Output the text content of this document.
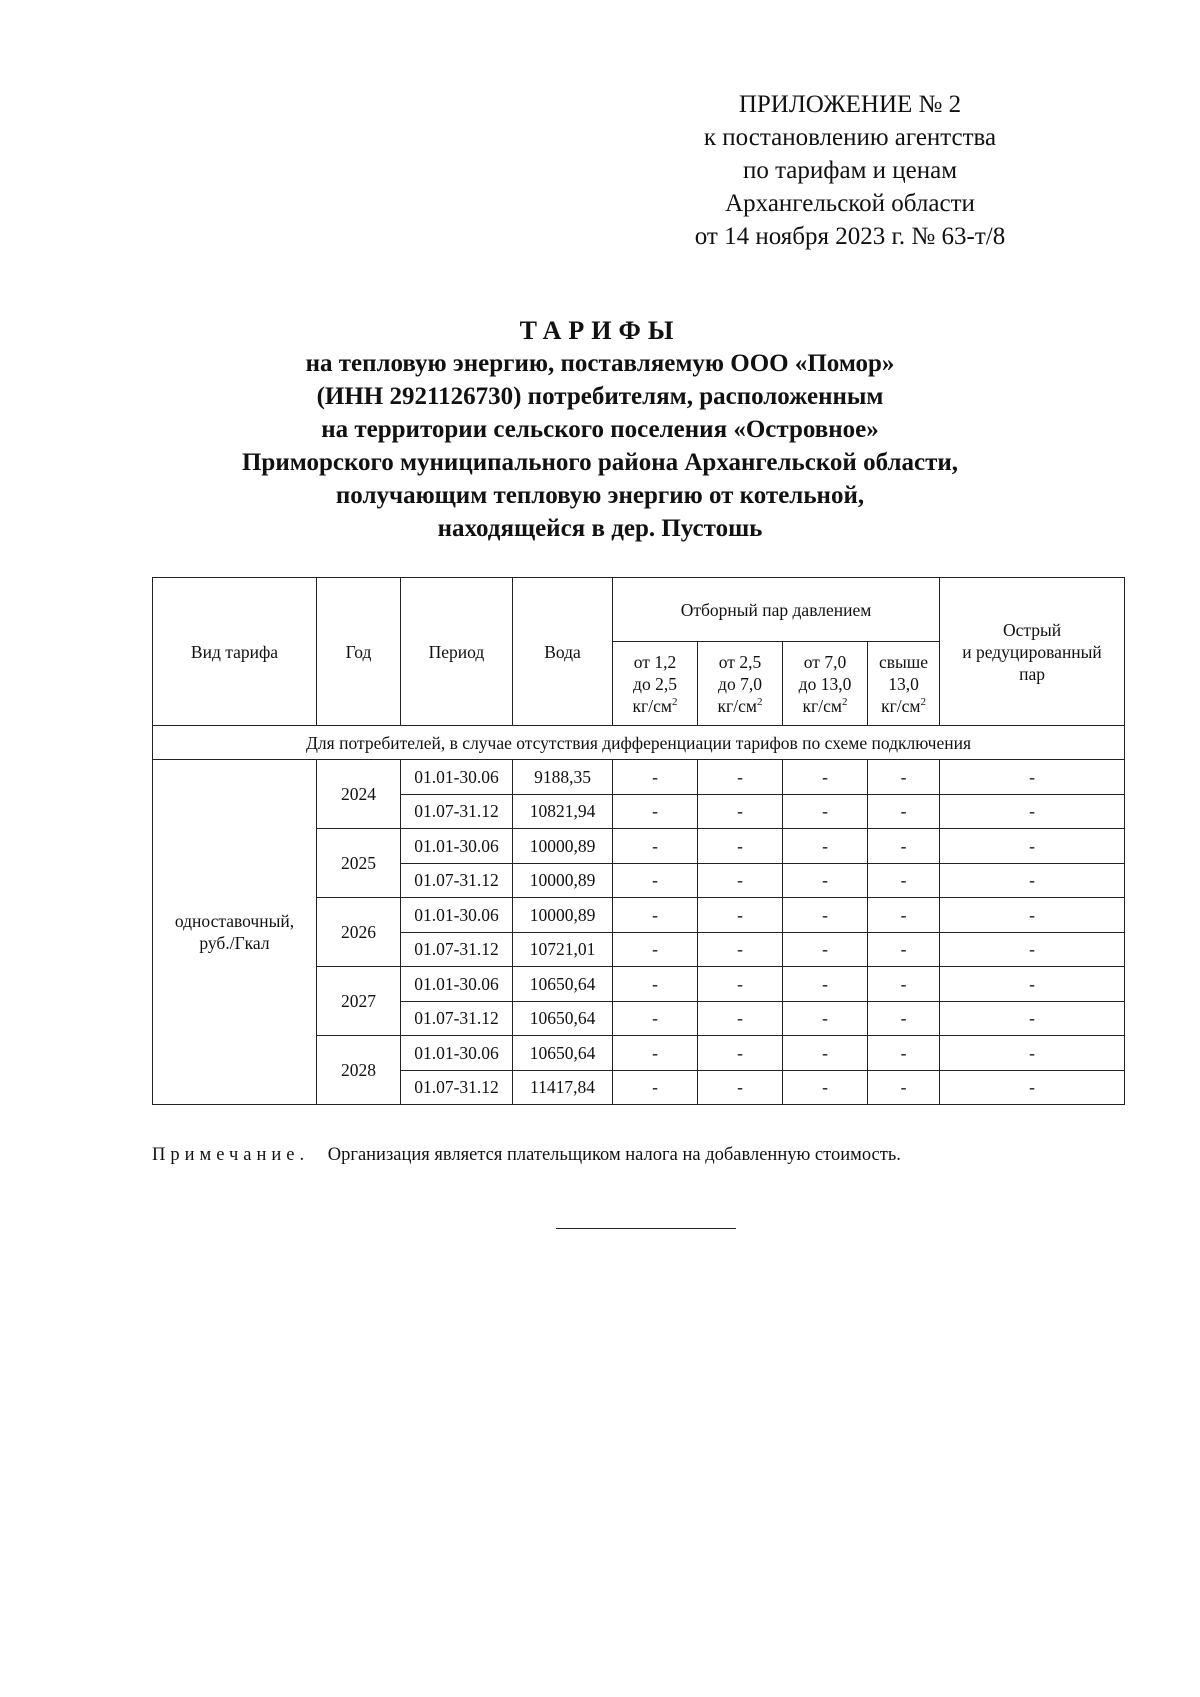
ПРИЛОЖЕНИЕ № 2
к постановлению агентства
по тарифам и ценам
Архангельской области
от 14 ноября 2023 г. № 63-т/8
ТАРИФЫ
на тепловую энергию, поставляемую ООО «Помор»
(ИНН 2921126730) потребителям, расположенным
на территории сельского поселения «Островное»
Приморского муниципального района Архангельской области,
получающим тепловую энергию от котельной,
находящейся в дер. Пустошь
Вид тарифа	Год	Период	Вода	Отборный пар давлением				Острый
и редуцированный
пар
				от 1,2
до 2,5
$кг/см^2$	от 2,5
до 7,0
$кг/см^2$	от 7,0
до 13,0
$кг/см^2$	свыше
13,0
$кг/см^2$
Для потребителей, в случае отсутствия дифференциации тарифов по схеме подключения								
одноставочный,
руб./Гкал	2024	01.01-30.06	9188,35	-	-	-	-	-
		01.07-31.12	10821,94	-	-	-	-	-
	2025	01.01-30.06	10000,89	-	-	-	-	-
		01.07-31.12	10000,89	-	-	-	-	-
	2026	01.01-30.06	10000,89	-	-	-	-	-
		01.07-31.12	10721,01	-	-	-	-	-
	2027	01.01-30.06	10650,64	-	-	-	-	-
		01.07-31.12	10650,64	-	-	-	-	-
	2028	01.01-30.06	10650,64	-	-	-	-	-
		01.07-31.12	11417,84	-	-	-	-	-
Примечание. Организация является плательщиком налога на добавленную стоимость.
